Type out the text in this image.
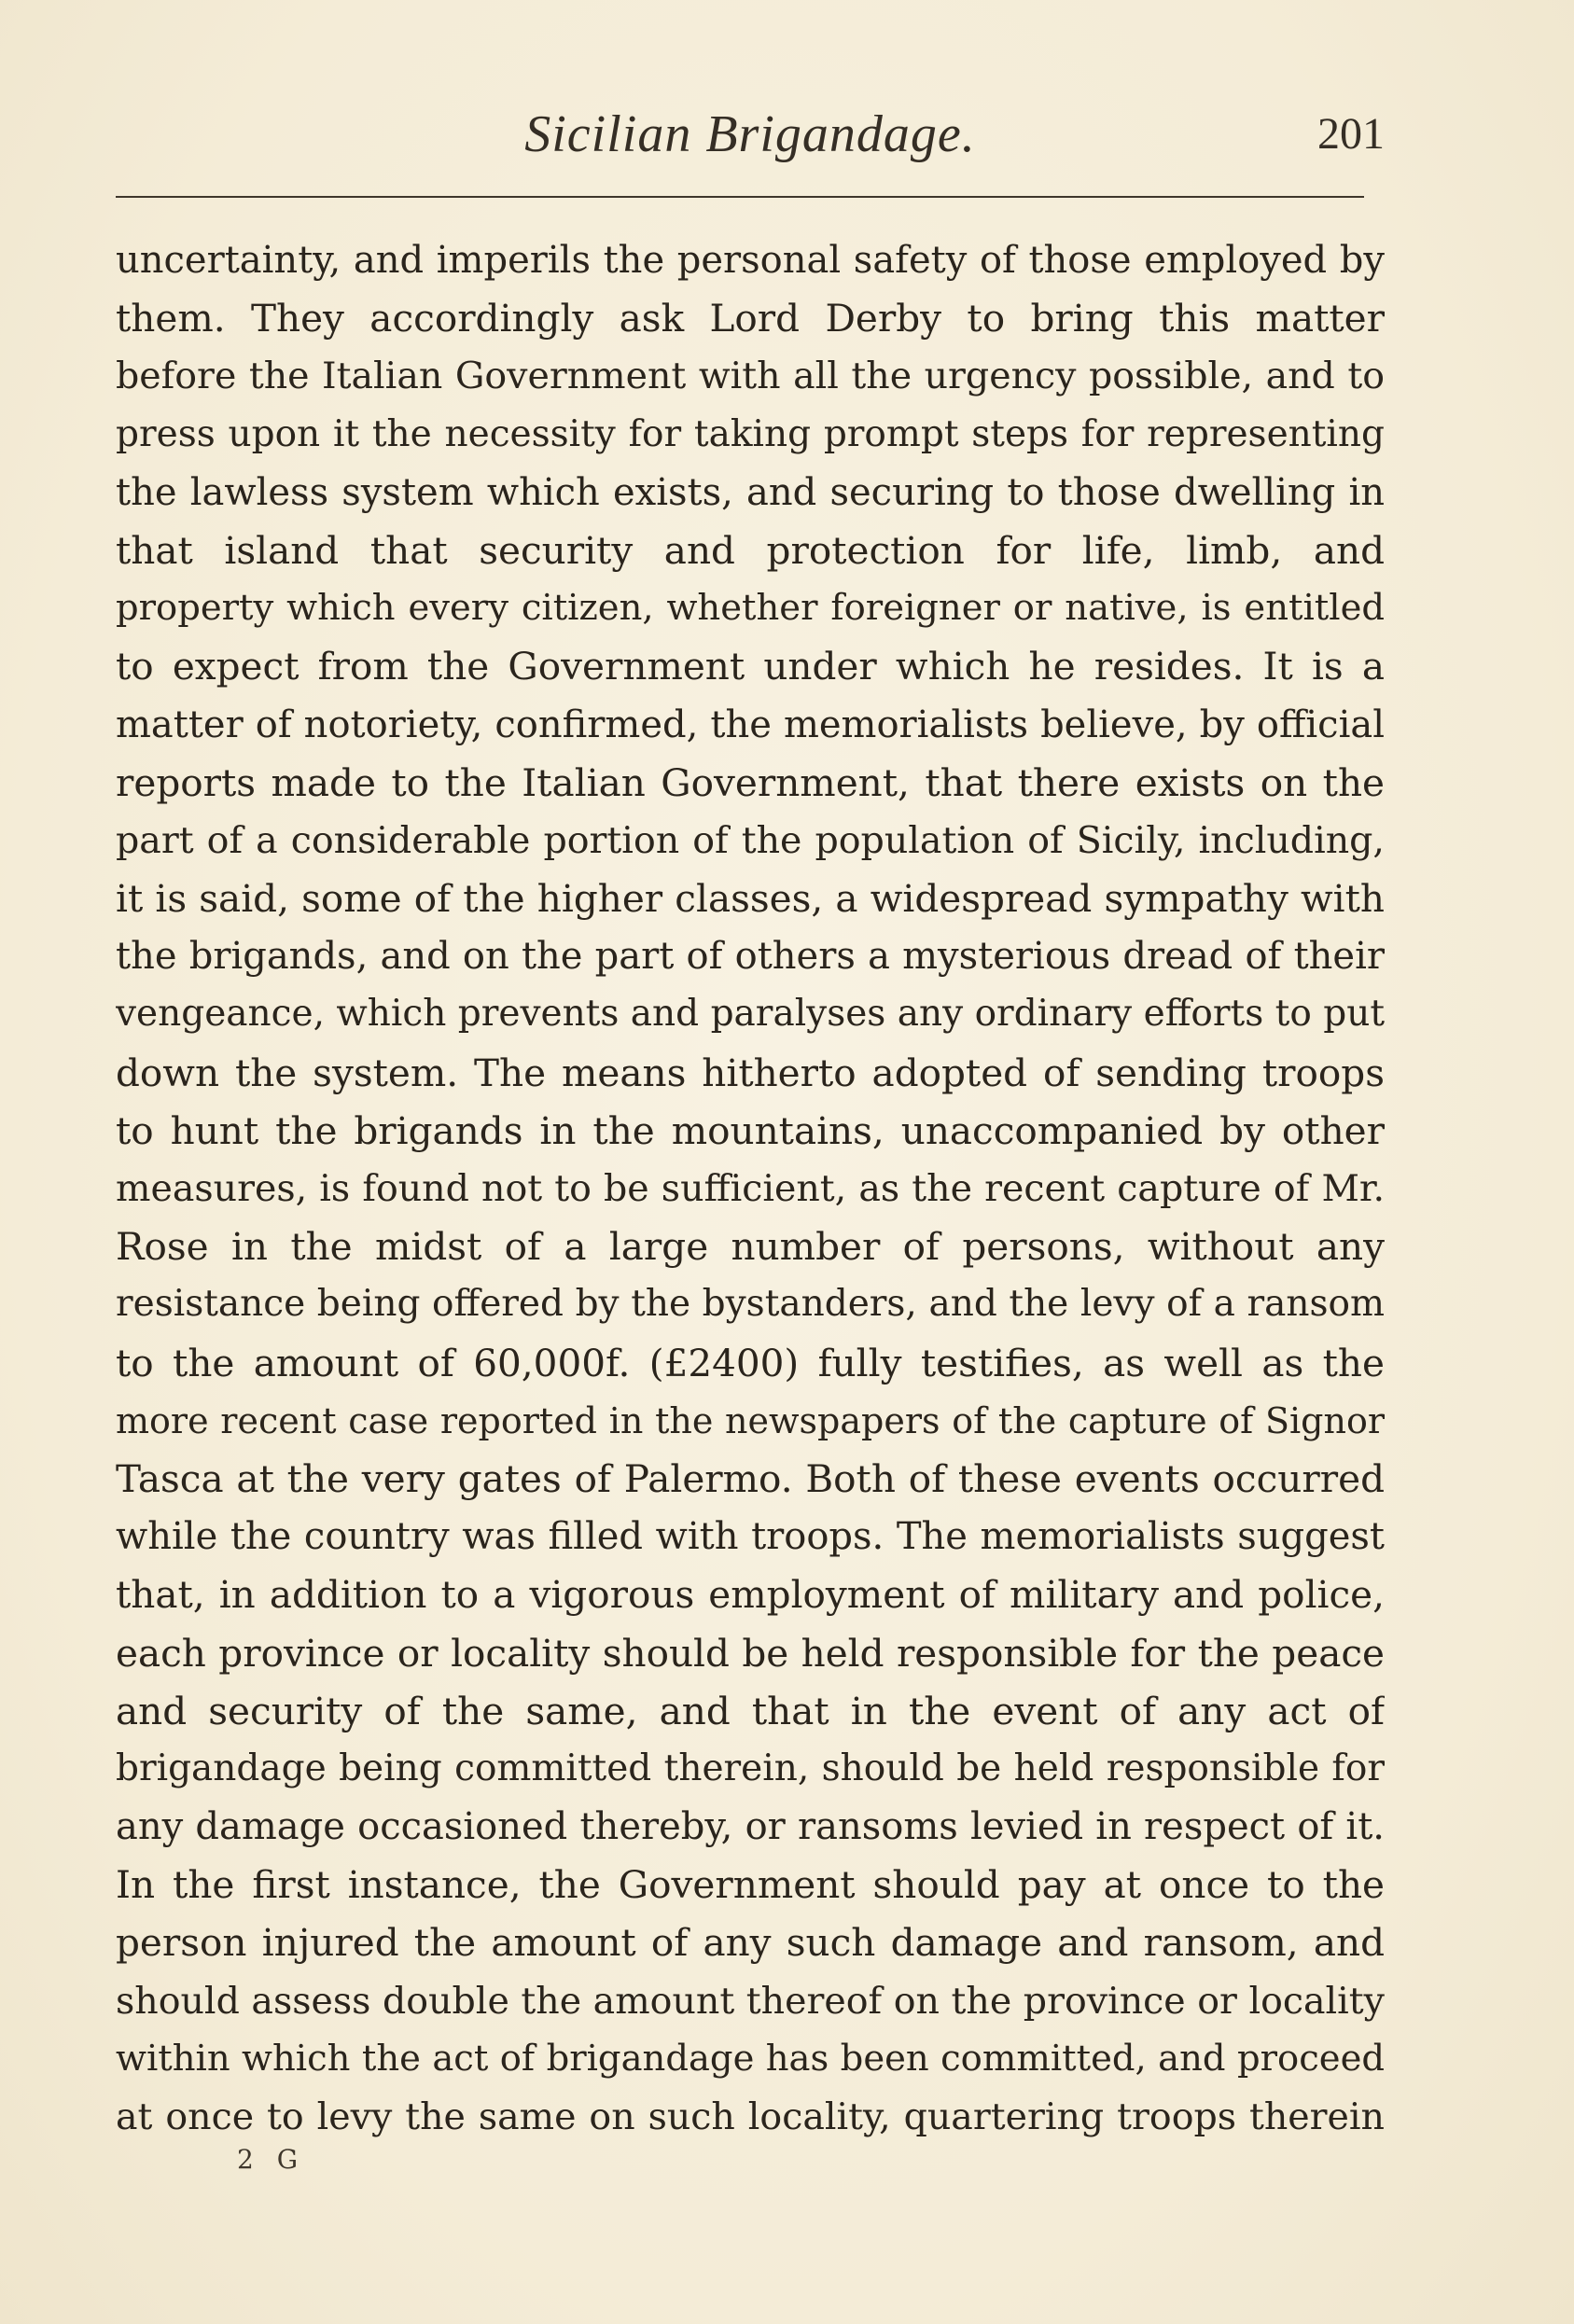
Sicilian Brigandage.	201
uncertainty, and imperils the personal safety of those employed by
them. They accordingly ask Lord Derby to bring this matter
before the Italian Government with all the urgency possible, and to
press upon it the necessity for taking prompt steps for representing
the lawless system which exists, and securing to those dwelling in
that island that security and protection for life, limb, and
property which every citizen, whether foreigner or native, is entitled
to expect from the Government under which he resides. It is a
matter of notoriety, confirmed, the memorialists believe, by official
reports made to the Italian Government, that there exists on the
part of a considerable portion of the population of Sicily, including,
it is said, some of the higher classes, a widespread sympathy with
the brigands, and on the part of others a mysterious dread of their
vengeance, which prevents and paralyses any ordinary efforts to put
down the system. The means hitherto adopted of sending troops
to hunt the brigands in the mountains, unaccompanied by other
measures, is found not to be sufficient, as the recent capture of Mr.
Rose in the midst of a large number of persons, without any
resistance being offered by the bystanders, and the levy of a ransom
to the amount of 60,000f. (£2400) fully testifies, as well as the
more recent case reported in the newspapers of the capture of Signor
Tasca at the very gates of Palermo. Both of these events occurred
while the country was filled with troops. The memorialists suggest
that, in addition to a vigorous employment of military and police,
each province or locality should be held responsible for the peace
and security of the same, and that in the event of any act of
brigandage being committed therein, should be held responsible for
any damage occasioned thereby, or ransoms levied in respect of it.
In the first instance, the Government should pay at once to the
person injured the amount of any such damage and ransom, and
should assess double the amount thereof on the province or locality
within which the act of brigandage has been committed, and proceed
at once to levy the same on such locality, quartering troops therein
2 G
